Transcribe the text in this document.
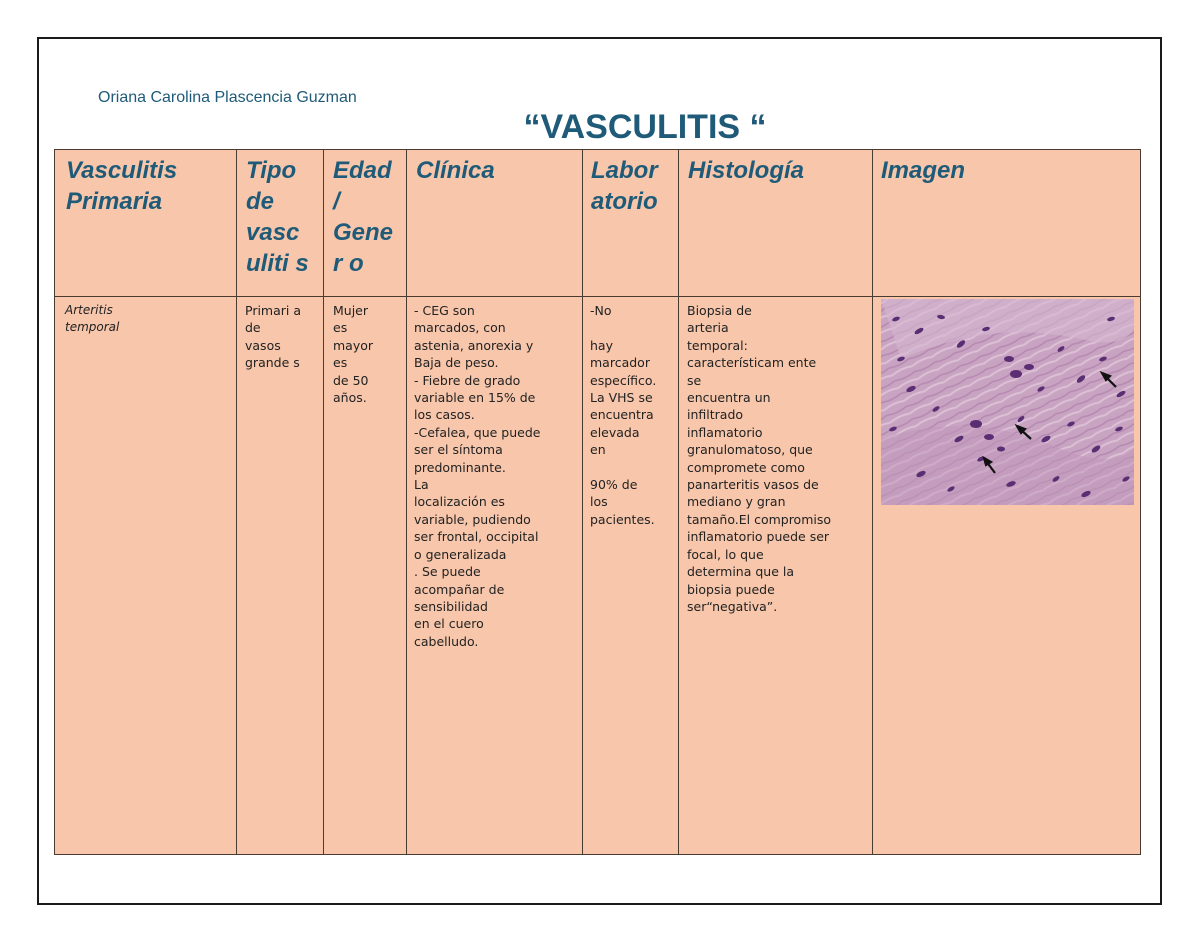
Oriana Carolina Plascencia Guzman
“VASCULITIS “
Vasculitis
Primaria
Tipo
de
vasc
uliti s
Edad
/
Gene
r o
Clínica	Labor
atorio
Histología	Imagen
Arteritis
temporal
Primari a
de
vasos
grande s
Mujer
es
mayor
es
de 50
años.
- CEG son
marcados, con
astenia, anorexia y
Baja de peso.
- Fiebre de grado
variable en 15% de
los casos.
-Cefalea, que puede
ser el síntoma
predominante.
La
localización es
variable, pudiendo
ser frontal, occipital
o generalizada
. Se puede
acompañar de
sensibilidad
en el cuero
cabelludo.
-No

hay
marcador
específico.
La VHS se
encuentra
elevada
en

90% de
los
pacientes.
Biopsia de
arteria
temporal:
característicam ente
se
encuentra un
infiltrado
inflamatorio
granulomatoso, que
compromete como
panarteritis vasos de
mediano y gran
tamaño.El compromiso
inflamatorio puede ser
focal, lo que
determina que la
biopsia puede
ser“negativa”.
